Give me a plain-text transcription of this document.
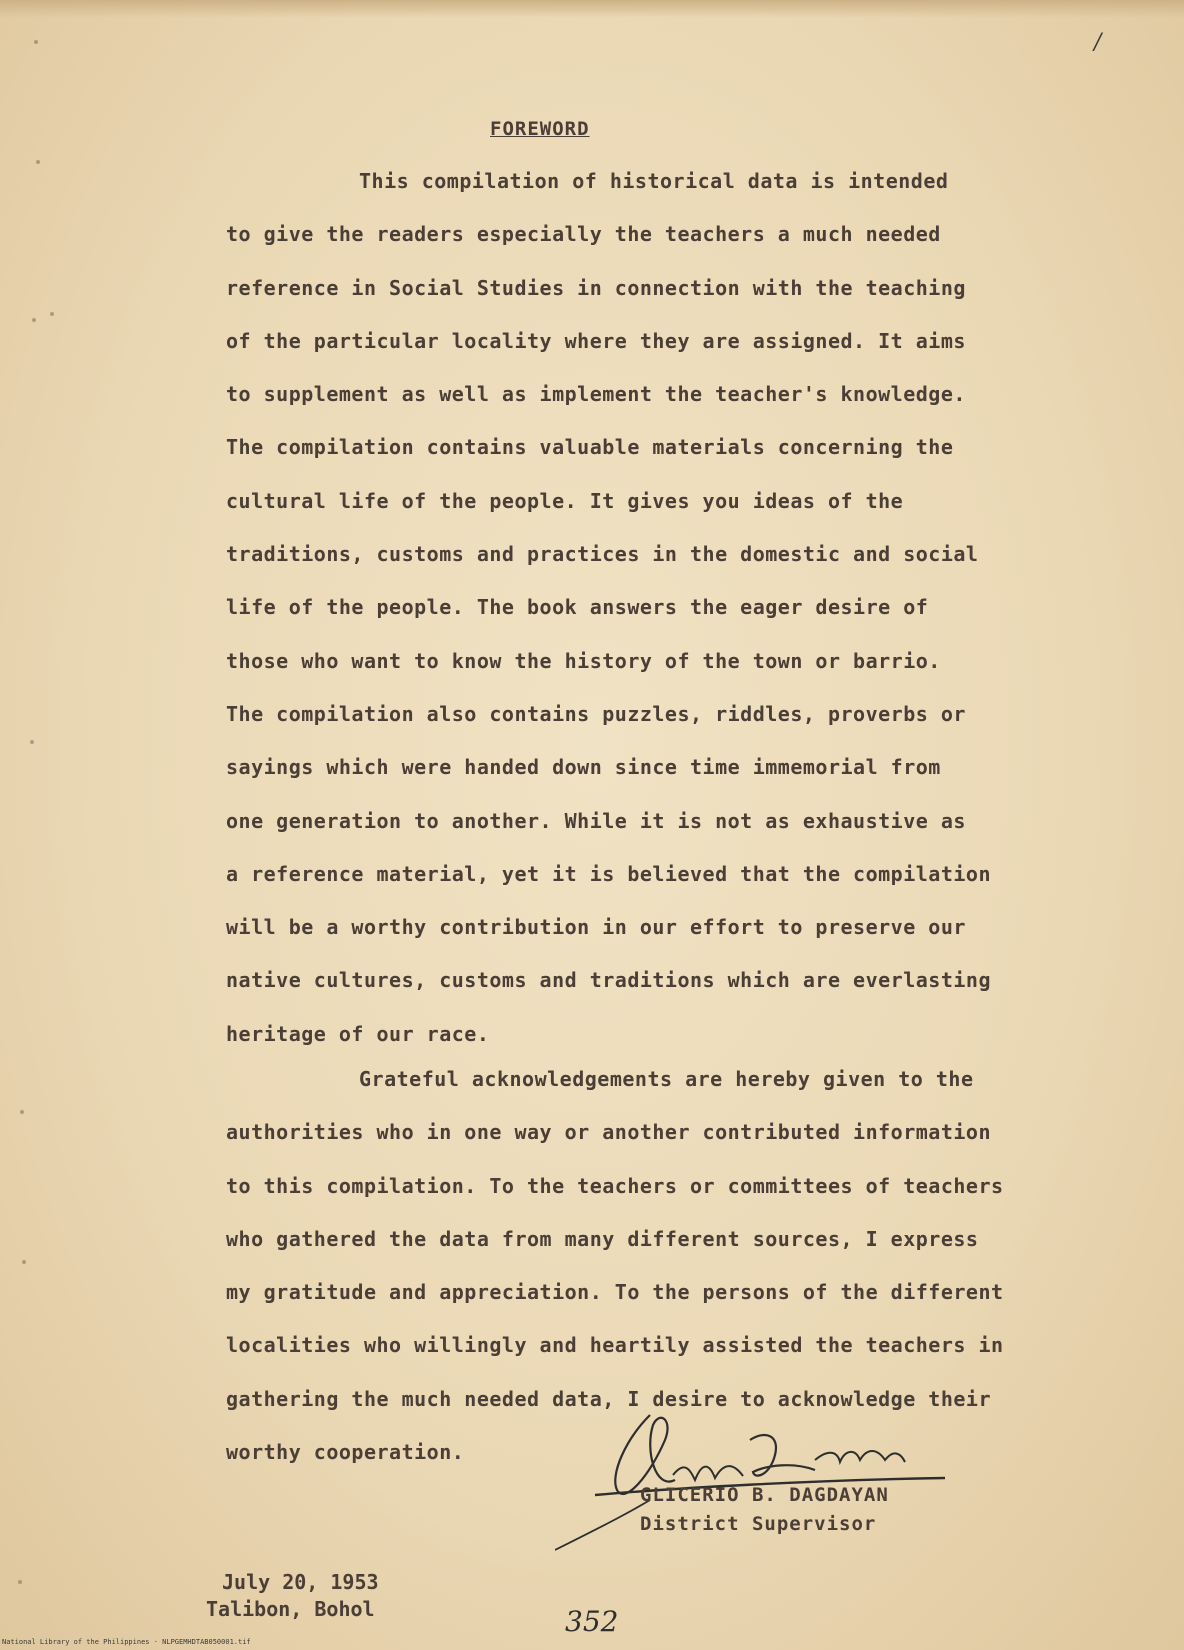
/
FOREWORD
This compilation of historical data is intended
to give the readers especially the teachers a much needed
reference in Social Studies in connection with the teaching
of the particular locality where they are assigned. It aims
to supplement as well as implement the teacher's knowledge.
The compilation contains valuable materials concerning the
cultural life of the people. It gives you ideas of the
traditions, customs and practices in the domestic and social
life of the people. The book answers the eager desire of
those who want to know the history of the town or barrio.
The compilation also contains puzzles, riddles, proverbs or
sayings which were handed down since time immemorial from
one generation to another. While it is not as exhaustive as
a reference material, yet it is believed that the compilation
will be a worthy contribution in our effort to preserve our
native cultures, customs and traditions which are everlasting
heritage of our race.
Grateful acknowledgements are hereby given to the
authorities who in one way or another contributed information
to this compilation. To the teachers or committees of teachers
who gathered the data from many different sources, I express
my gratitude and appreciation. To the persons of the different
localities who willingly and heartily assisted the teachers in
gathering the much needed data, I desire to acknowledge their
worthy cooperation.
GLICERIO B. DAGDAYAN
District Supervisor
July 20, 1953
Talibon, Bohol	352
National Library of the Philippines · NLPGEMHDTAB050001.tif
